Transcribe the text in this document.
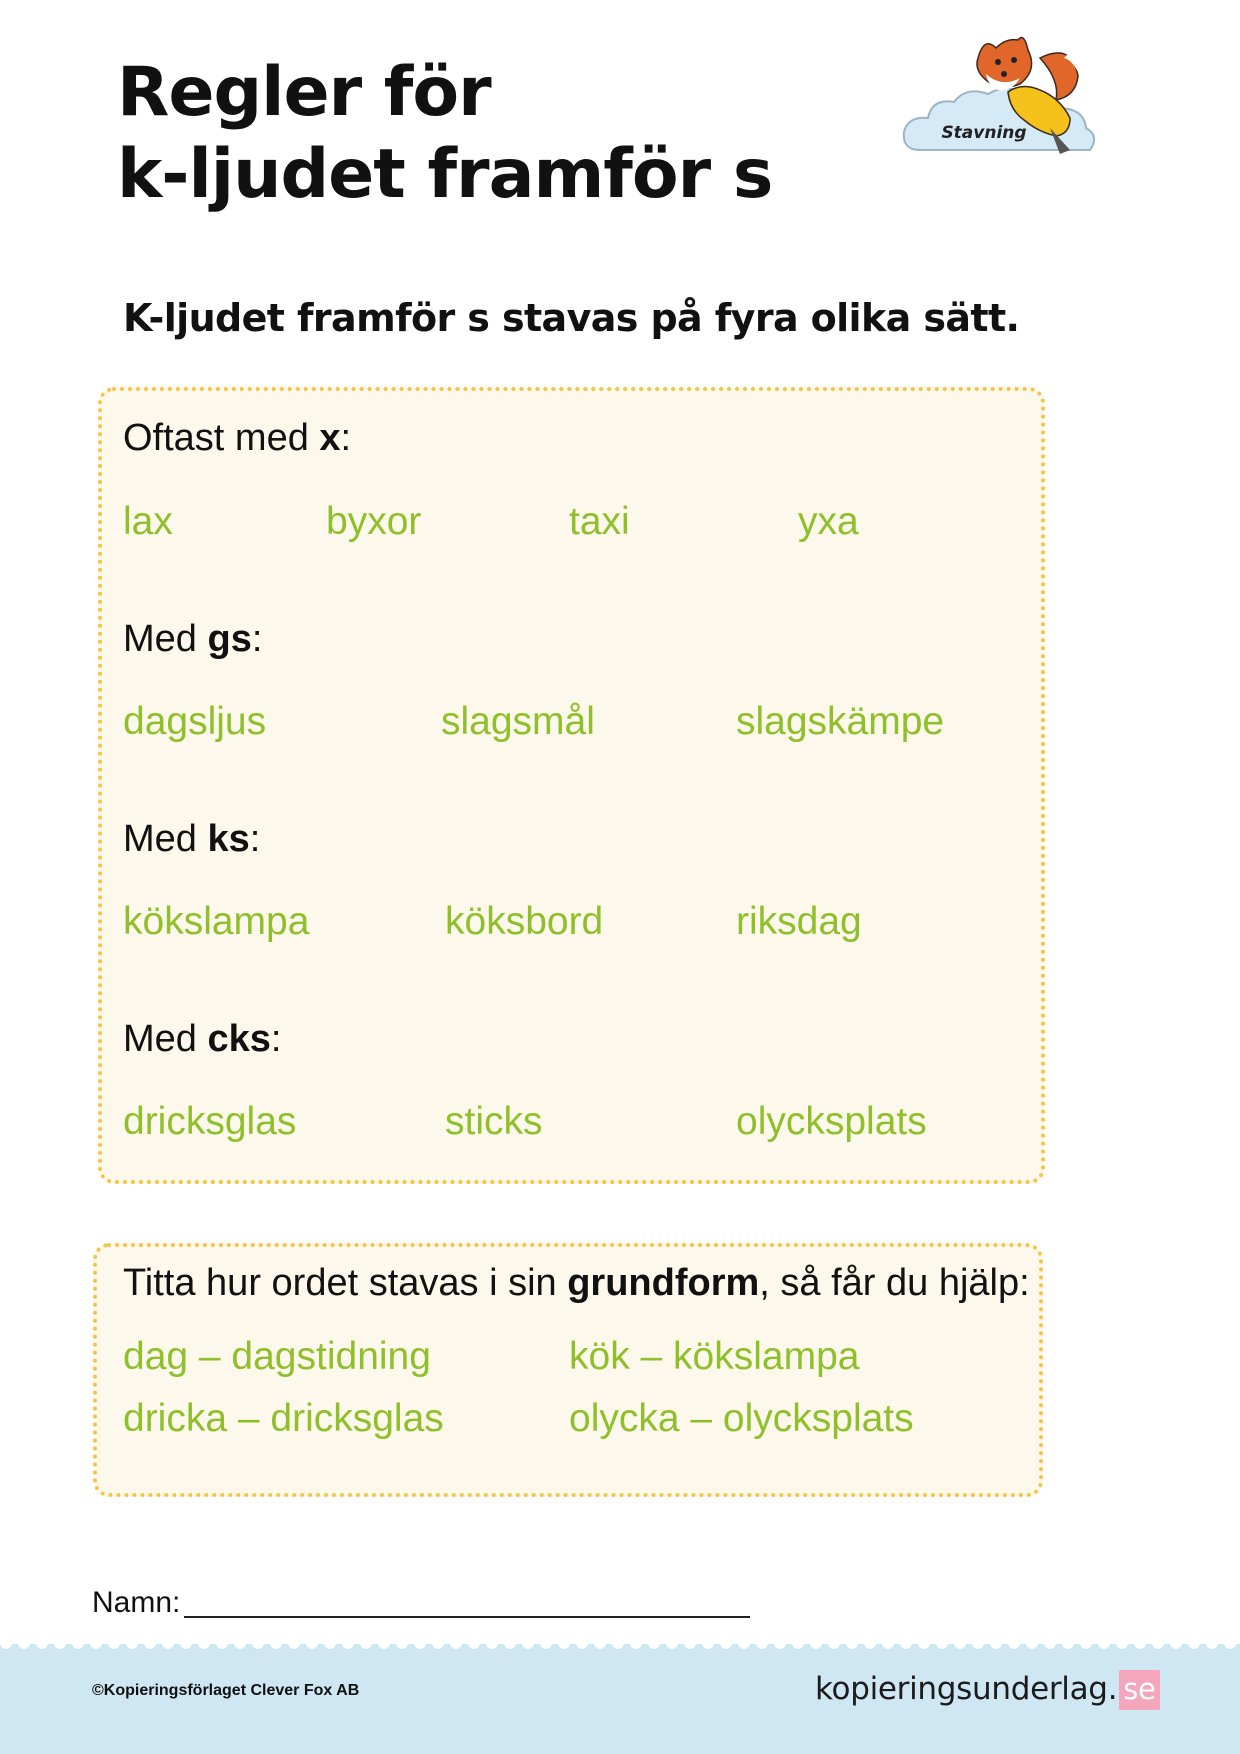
Regler för
k-ljudet framför s
Stavning
K-ljudet framför s stavas på fyra olika sätt.
Oftast med x:
lax	byxor	taxi	yxa
Med gs:
dagsljus	slagsmål	slagskämpe
Med ks:
kökslampa	köksbord	riksdag
Med cks:
dricksglas	sticks	olycksplats
Titta hur ordet stavas i sin grundform, så får du hjälp:
dag – dagstidning	kök – kökslampa
dricka – dricksglas	olycka – olycksplats
Namn:
©Kopieringsförlaget Clever Fox AB	kopieringsunderlag. se
